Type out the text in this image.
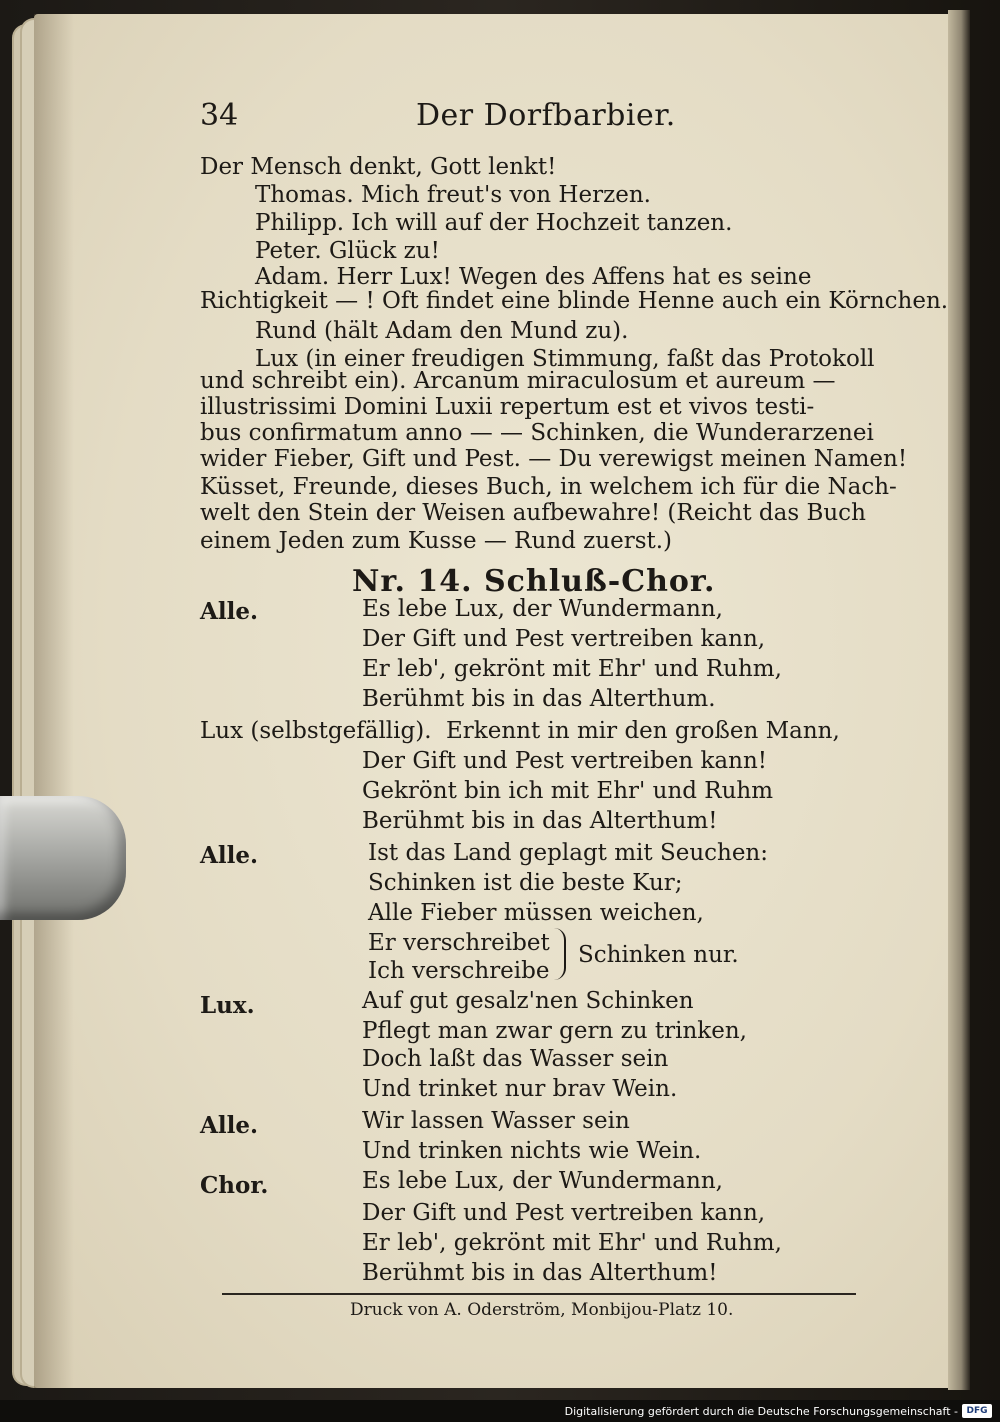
34	Der Dorfbarbier.
Der Mensch denkt, Gott lenkt!
Thomas. Mich freut's von Herzen.
Philipp. Ich will auf der Hochzeit tanzen.
Peter. Glück zu!
Adam. Herr Lux! Wegen des Affens hat es seine
Richtigkeit — ! Oft findet eine blinde Henne auch ein Körnchen.
Rund (hält Adam den Mund zu).
Lux (in einer freudigen Stimmung, faßt das Protokoll
und schreibt ein). Arcanum miraculosum et aureum —
illustrissimi Domini Luxii repertum est et vivos testi-
bus confirmatum anno — — Schinken, die Wunderarzenei
wider Fieber, Gift und Pest. — Du verewigst meinen Namen!
Küsset, Freunde, dieses Buch, in welchem ich für die Nach-
welt den Stein der Weisen aufbewahre! (Reicht das Buch
einem Jeden zum Kusse — Rund zuerst.)
Nr. 14. Schluß-Chor.
Alle.	Es lebe Lux, der Wundermann,
Der Gift und Pest vertreiben kann,
Er leb', gekrönt mit Ehr' und Ruhm,
Berühmt bis in das Alterthum.
Lux (selbstgefällig). Erkennt in mir den großen Mann,
Der Gift und Pest vertreiben kann!
Gekrönt bin ich mit Ehr' und Ruhm
Berühmt bis in das Alterthum!
Alle.	Ist das Land geplagt mit Seuchen:
Schinken ist die beste Kur;
Alle Fieber müssen weichen,
Er verschreibet
Ich verschreibe
Schinken nur.
Lux.	Auf gut gesalz'nen Schinken
Pflegt man zwar gern zu trinken,
Doch laßt das Wasser sein
Und trinket nur brav Wein.
Alle.	Wir lassen Wasser sein
Und trinken nichts wie Wein.
Chor.	Es lebe Lux, der Wundermann,
Der Gift und Pest vertreiben kann,
Er leb', gekrönt mit Ehr' und Ruhm,
Berühmt bis in das Alterthum!
Druck von A. Oderström, Monbijou-Platz 10.
Digitalisierung gefördert durch die Deutsche Forschungsgemeinschaft - DFG
